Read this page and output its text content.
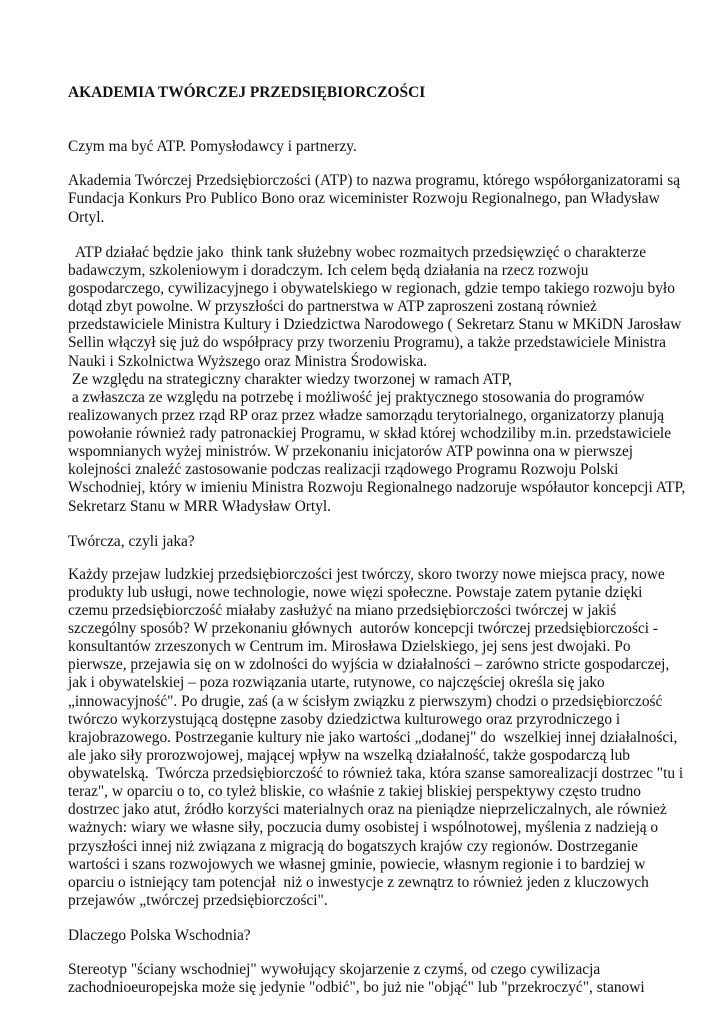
AKADEMIA TWÓRCZEJ PRZEDSIĘBIORCZOŚCI
Czym ma być ATP. Pomysłodawcy i partnerzy.
Akademia Twórczej Przedsiębiorczości (ATP) to nazwa programu, którego współorganizatorami są
Fundacja Konkurs Pro Publico Bono oraz wiceminister Rozwoju Regionalnego, pan Władysław
Ortyl.
ATP działać będzie jako  think tank służebny wobec rozmaitych przedsięwzięć o charakterze
badawczym, szkoleniowym i doradczym. Ich celem będą działania na rzecz rozwoju
gospodarczego, cywilizacyjnego i obywatelskiego w regionach, gdzie tempo takiego rozwoju było
dotąd zbyt powolne. W przyszłości do partnerstwa w ATP zaproszeni zostaną również
przedstawiciele Ministra Kultury i Dziedzictwa Narodowego ( Sekretarz Stanu w MKiDN Jarosław
Sellin włączył się już do współpracy przy tworzeniu Programu), a także przedstawiciele Ministra
Nauki i Szkolnictwa Wyższego oraz Ministra Środowiska.
Ze względu na strategiczny charakter wiedzy tworzonej w ramach ATP,
a zwłaszcza ze względu na potrzebę i możliwość jej praktycznego stosowania do programów
realizowanych przez rząd RP oraz przez władze samorządu terytorialnego, organizatorzy planują
powołanie również rady patronackiej Programu, w skład której wchodziliby m.in. przedstawiciele
wspomnianych wyżej ministrów. W przekonaniu inicjatorów ATP powinna ona w pierwszej
kolejności znaleźć zastosowanie podczas realizacji rządowego Programu Rozwoju Polski
Wschodniej, który w imieniu Ministra Rozwoju Regionalnego nadzoruje współautor koncepcji ATP,
Sekretarz Stanu w MRR Władysław Ortyl.
Twórcza, czyli jaka?
Każdy przejaw ludzkiej przedsiębiorczości jest twórczy, skoro tworzy nowe miejsca pracy, nowe
produkty lub usługi, nowe technologie, nowe więzi społeczne. Powstaje zatem pytanie dzięki
czemu przedsiębiorczość miałaby zasłużyć na miano przedsiębiorczości twórczej w jakiś
szczególny sposób? W przekonaniu głównych  autorów koncepcji twórczej przedsiębiorczości -
konsultantów zrzeszonych w Centrum im. Mirosława Dzielskiego, jej sens jest dwojaki. Po
pierwsze, przejawia się on w zdolności do wyjścia w działalności – zarówno stricte gospodarczej,
jak i obywatelskiej – poza rozwiązania utarte, rutynowe, co najczęściej określa się jako
„innowacyjność". Po drugie, zaś (a w ścisłym związku z pierwszym) chodzi o przedsiębiorczość
twórczo wykorzystującą dostępne zasoby dziedzictwa kulturowego oraz przyrodniczego i
krajobrazowego. Postrzeganie kultury nie jako wartości „dodanej" do  wszelkiej innej działalności,
ale jako siły prorozwojowej, mającej wpływ na wszelką działalność, także gospodarczą lub
obywatelską.  Twórcza przedsiębiorczość to również taka, która szanse samorealizacji dostrzec "tu i
teraz", w oparciu o to, co tyleż bliskie, co właśnie z takiej bliskiej perspektywy często trudno
dostrzec jako atut, źródło korzyści materialnych oraz na pieniądze nieprzeliczalnych, ale również
ważnych: wiary we własne siły, poczucia dumy osobistej i wspólnotowej, myślenia z nadzieją o
przyszłości innej niż związana z migracją do bogatszych krajów czy regionów. Dostrzeganie
wartości i szans rozwojowych we własnej gminie, powiecie, własnym regionie i to bardziej w
oparciu o istniejący tam potencjał  niż o inwestycje z zewnątrz to również jeden z kluczowych
przejawów „twórczej przedsiębiorczości".
Dlaczego Polska Wschodnia?
Stereotyp "ściany wschodniej" wywołujący skojarzenie z czymś, od czego cywilizacja
zachodnioeuropejska może się jedynie "odbić", bo już nie "objąć" lub "przekroczyć", stanowi
